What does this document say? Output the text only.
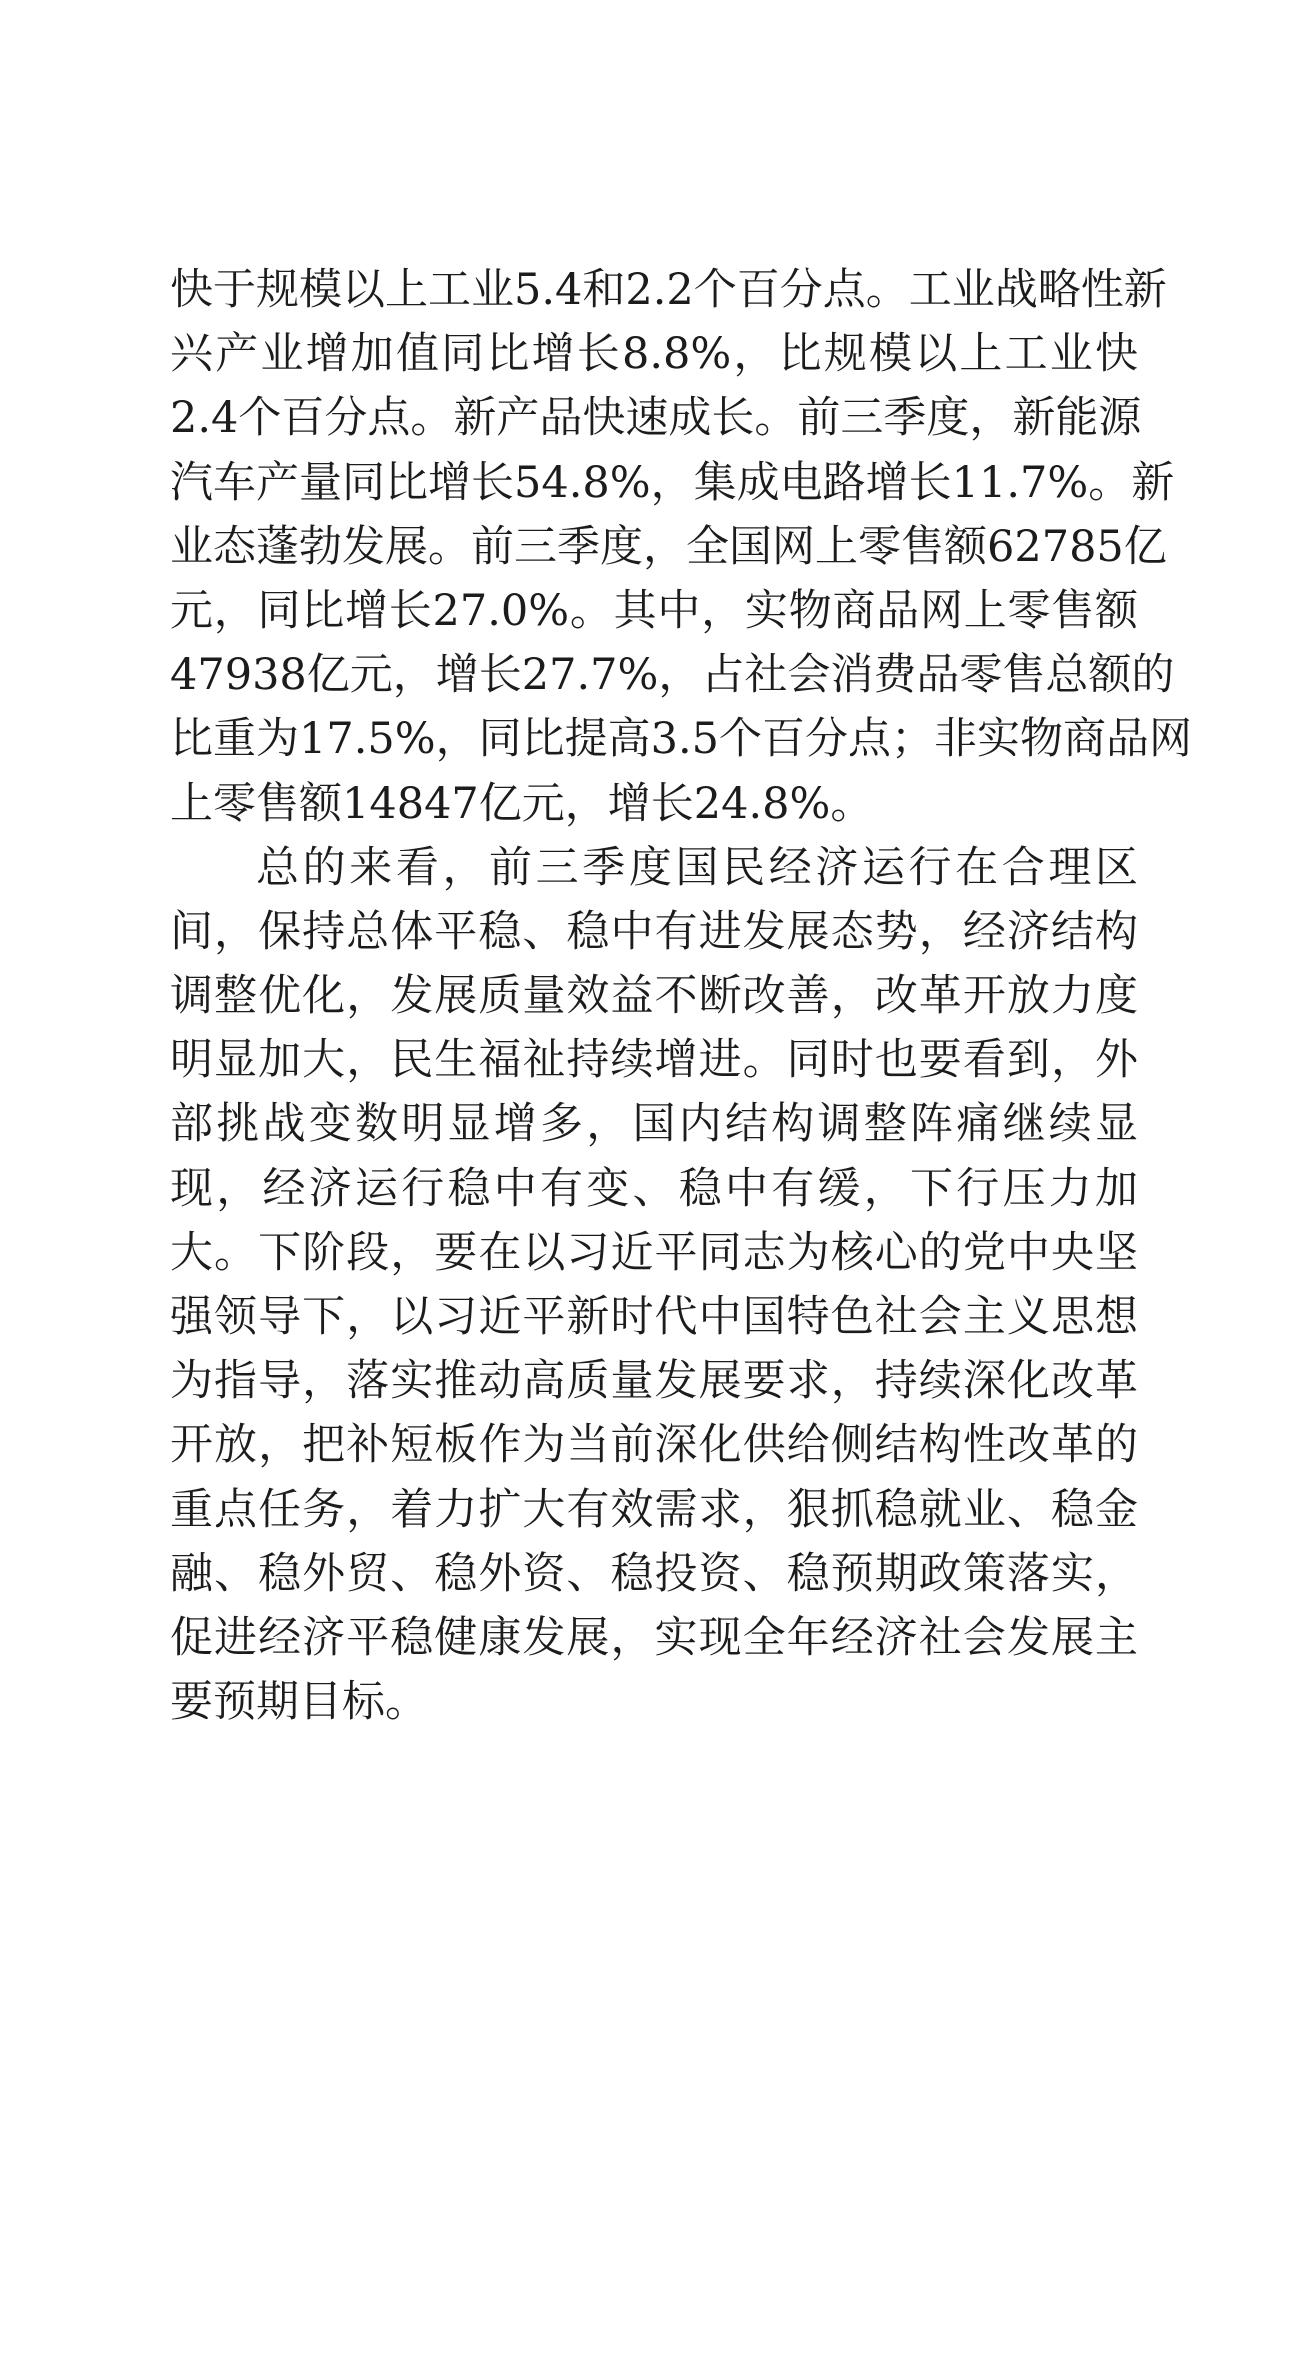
快于规模以上工业5.4和2.2个百分点。工业战略性新
兴产业增加值同比增长8.8%，比规模以上工业快
2.4个百分点。新产品快速成长。前三季度，新能源
汽车产量同比增长54.8%，集成电路增长11.7%。新
业态蓬勃发展。前三季度，全国网上零售额62785亿
元，同比增长27.0%。其中，实物商品网上零售额
47938亿元，增长27.7%，占社会消费品零售总额的
比重为17.5%，同比提高3.5个百分点；非实物商品网
上零售额14847亿元，增长24.8%。
总的来看，前三季度国民经济运行在合理区
间，保持总体平稳、稳中有进发展态势，经济结构
调整优化，发展质量效益不断改善，改革开放力度
明显加大，民生福祉持续增进。同时也要看到，外
部挑战变数明显增多，国内结构调整阵痛继续显
现，经济运行稳中有变、稳中有缓，下行压力加
大。下阶段，要在以习近平同志为核心的党中央坚
强领导下，以习近平新时代中国特色社会主义思想
为指导，落实推动高质量发展要求，持续深化改革
开放，把补短板作为当前深化供给侧结构性改革的
重点任务，着力扩大有效需求，狠抓稳就业、稳金
融、稳外贸、稳外资、稳投资、稳预期政策落实，
促进经济平稳健康发展，实现全年经济社会发展主
要预期目标。
